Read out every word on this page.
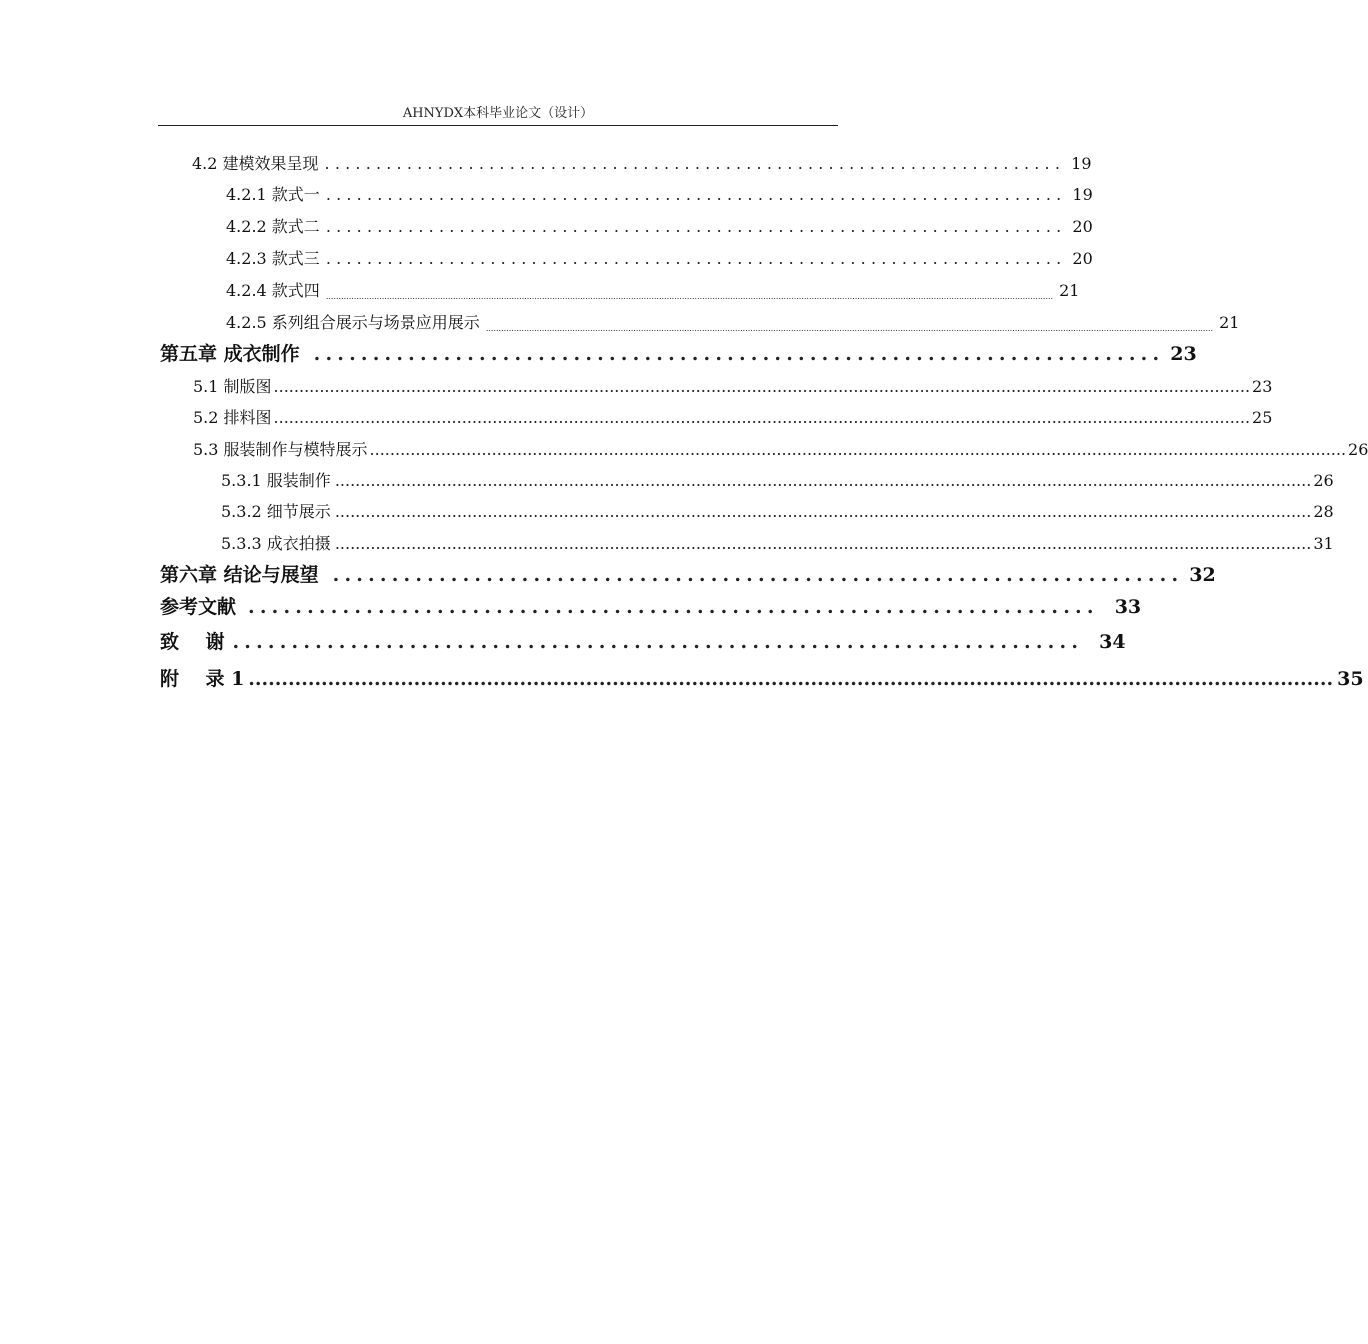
AHNYDX本科毕业论文（设计）
4.2 建模效果呈现 ........................................................................ 19
4.2.1 款式一 ........................................................................ 19
4.2.2 款式二 ........................................................................ 20
4.2.3 款式三 ........................................................................ 20
4.2.4 款式四 .............................................................................................................................................................................................................................................................................................. 21
4.2.5 系列组合展示与场景应用展示 .............................................................................................................................................................................................................................................................................................. 21
第五章 成衣制作 ........................................................................ 23
5.1 制版图 ................................................................................................................................................................................................ 23
5.2 排料图 ................................................................................................................................................................................................ 25
5.3 服装制作与模特展示 ................................................................................................................................................................................................ 26
5.3.1 服装制作 ................................................................................................................................................................................................ 26
5.3.2 细节展示 ................................................................................................................................................................................................ 28
5.3.3 成衣拍摄 ................................................................................................................................................................................................ 31
第六章 结论与展望 ........................................................................ 32
参考文献 ........................................................................ 33
致    谢 ........................................................................ 34
附    录 1 .................................................................................................................................................................... 35
